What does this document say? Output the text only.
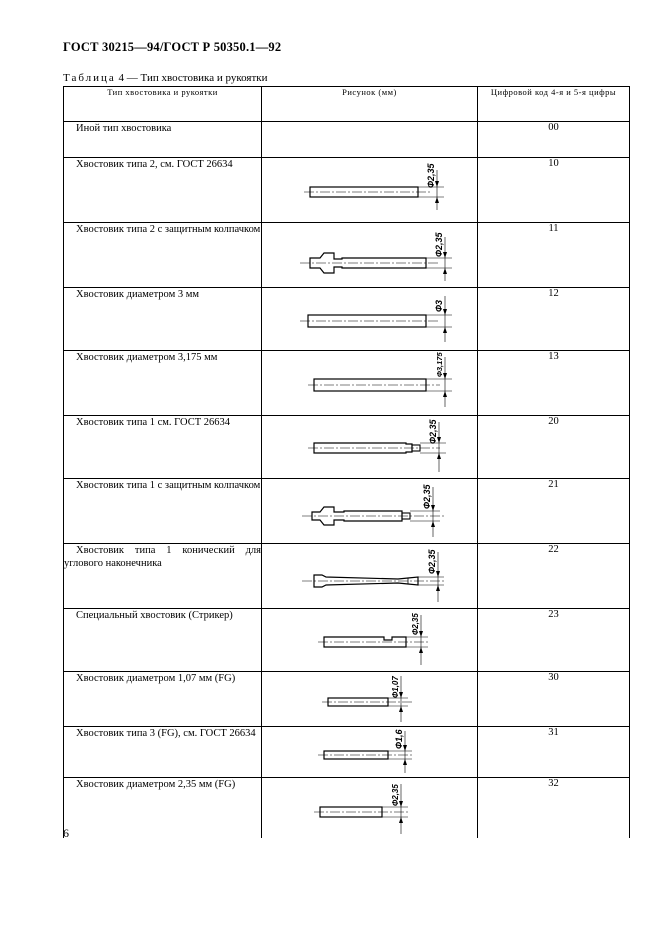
ГОСТ 30215—94/ГОСТ Р 50350.1—92
Таблица 4 — Тип хвостовика и рукоятки
Тип хвостовика и рукоятки	Рисунок (мм)	Цифровой код 4-я и 5-я цифры
Иной тип хвостовика		00
Хвостовик типа 2, см. ГОСТ 26634	Ф2,35	10
Хвостовик типа 2 с защитным колпачком	Ф2,35	11
Хвостовик диаметром 3 мм	Ф3	12
Хвостовик диаметром 3,175 мм	Ф3,175	13
Хвостовик типа 1 см. ГОСТ 26634	Ф2,35	20
Хвостовик типа 1 с защитным колпачком	Ф2,35	21
Хвостовик типа 1 конический для углового наконечника	Ф2,35	22
Специальный хвостовик (Стрикер)	Ф2,35	23
Хвостовик диаметром 1,07 мм (FG)	Ф1,07	30
Хвостовик типа 3 (FG), см. ГОСТ 26634	Ф1,6	31
Хвостовик диаметром 2,35 мм (FG)	Ф2,35	32
6
